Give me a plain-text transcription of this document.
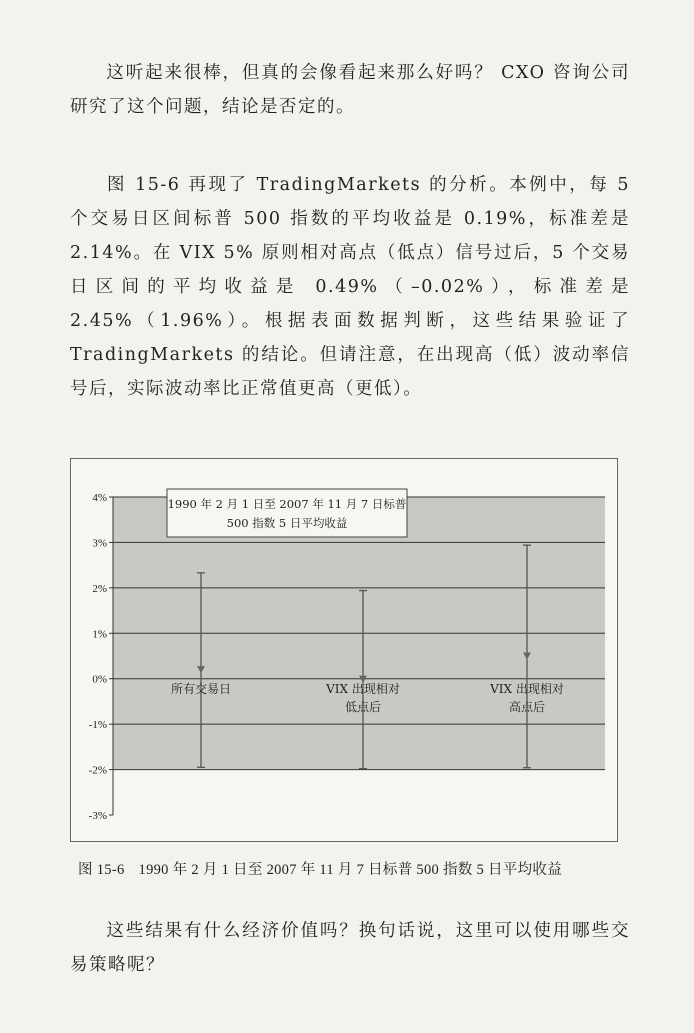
这听起来很棒，但真的会像看起来那么好吗？ CXO 咨询公司研究了这个问题，结论是否定的。

图 15-6 再现了 TradingMarkets 的分析。本例中，每 5 个交易日区间标普 500 指数的平均收益是 0.19%，标准差是 2.14%。在 VIX 5% 原则相对高点（低点）信号过后，5 个交易日区间的平均收益是 0.49%（–0.02%），标准差是 2.45%（1.96%）。根据表面数据判断，这些结果验证了 TradingMarkets 的结论。但请注意，在出现高（低）波动率信号后，实际波动率比正常值更高（更低）。

4%
3%
2%
1%
0%
-1%
-2%
-3%
所有交易日	VIX 出现相对
低点后
VIX 出现相对
高点后
1990 年 2 月 1 日至 2007 年 11 月 7 日标普
500 指数 5 日平均收益
图 15-6 1990 年 2 月 1 日至 2007 年 11 月 7 日标普 500 指数 5 日平均收益

这些结果有什么经济价值吗？换句话说，这里可以使用哪些交易策略呢？
